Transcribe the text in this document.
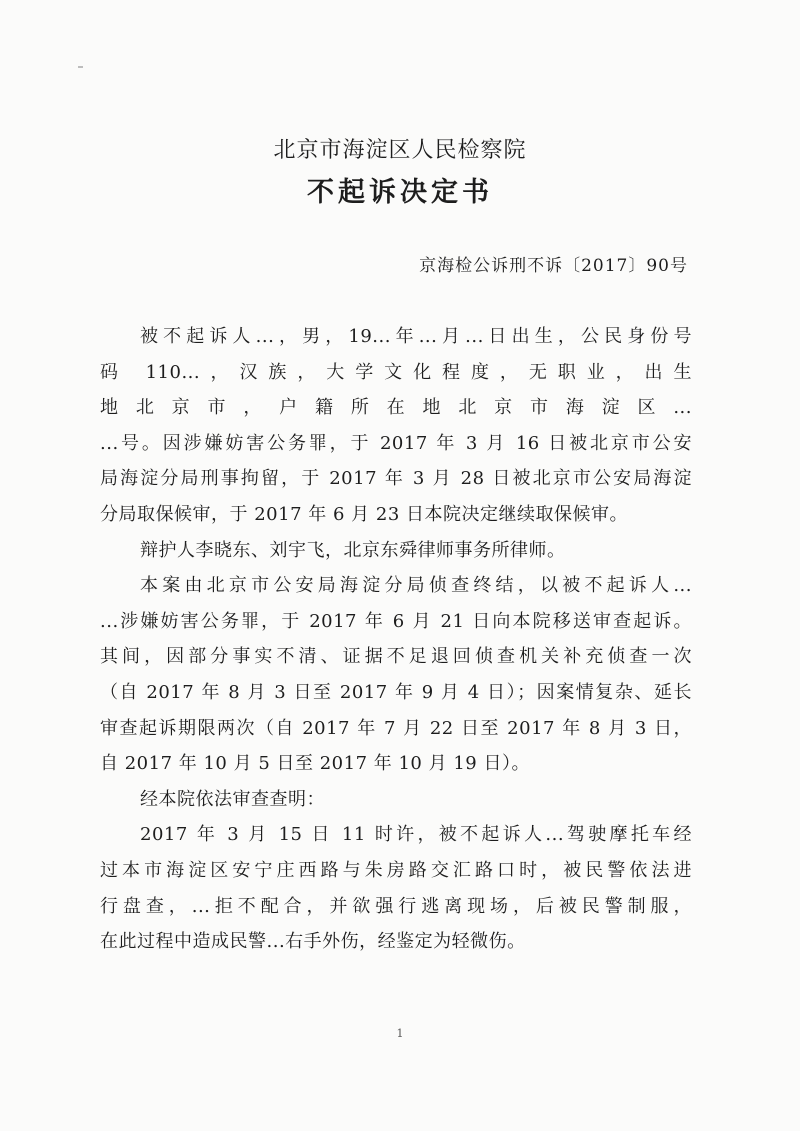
北京市海淀区人民检察院
不起诉决定书
京海检公诉刑不诉〔2017〕90号
被不起诉人...，男，19...年...月...日出生，公民身份号
码 110...，汉族，大学文化程度，无职业，出生
地北京市，户籍所在地北京市海淀区...
...号。因涉嫌妨害公务罪，于 2017 年 3 月 16 日被北京市公安
局海淀分局刑事拘留，于 2017 年 3 月 28 日被北京市公安局海淀
分局取保候审，于 2017 年 6 月 23 日本院决定继续取保候审。
辩护人李晓东、刘宇飞，北京东舜律师事务所律师。
本案由北京市公安局海淀分局侦查终结，以被不起诉人...
...涉嫌妨害公务罪，于 2017 年 6 月 21 日向本院移送审查起诉。
其间，因部分事实不清、证据不足退回侦查机关补充侦查一次
（自 2017 年 8 月 3 日至 2017 年 9 月 4 日）；因案情复杂、延长
审查起诉期限两次（自 2017 年 7 月 22 日至 2017 年 8 月 3 日，
自 2017 年 10 月 5 日至 2017 年 10 月 19 日）。
经本院依法审查查明：
2017 年 3 月 15 日 11 时许，被不起诉人...驾驶摩托车经
过本市海淀区安宁庄西路与朱房路交汇路口时，被民警依法进
行盘查，...拒不配合，并欲强行逃离现场，后被民警制服，
在此过程中造成民警...右手外伤，经鉴定为轻微伤。
1
